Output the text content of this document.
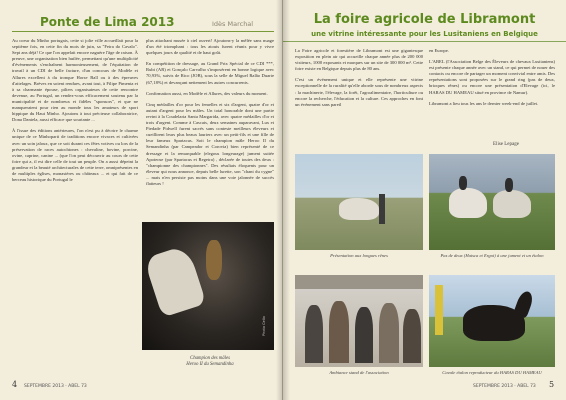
Ponte de Lima 2013	Idès Marchal

Au coeur du Minho portugais, cette si jolie ville accueillait pour la septième fois, en cette fin du mois de juin, sa "Feira do Cavalo". Sept ans déjà! Ce que l'on appelait encore naguère l'âge de raison. À preuve, une organisation bien huilée, permettant qu'une multiplicité d'évènements s'enchaînent harmonieusement, de l'équitation de travail à un CDI de belle facture, d'un concours de Modèle et Allures excellent à du tronque Horse Ball ou à des épreuves d'attelages. Brèves en soient rendues, avant tout, à Filipe Pimenta et à sa charmante épouse, piliers organisateurs de cette rencontre devenue, au Portugal, un rendez-vous efficacement soutenu par la municipalité et de nombreux et fidèles "sponsors", et que ne manqueraient pour rien au monde tous les amateurs de sport hippique du Haut Minho. Ajoutons à tout précieuse collaboratrice, Dona Daniela, aussi efficace que souriante ...

À l'issue des éditions antérieures, l'on n'est pu à décrire le charme unique de ce Minhoparti de traditions encore vivaces et cultivées avec un soin jaloux, que ce soit durant ces fêtes votives ou lors de la préservation de races autochtones : chevaline, bovine, porcine, ovine, caprine, canine ... (que l'on peut découvrir au cours de cette foire qui a, il est dire celle de tout un peuple. On a aussi dépeint la grandeur et la beauté architecturales de cette terre, omniprésentes en de multiples églises, monastères ou châteaux ... et qui fait de ce berceau historique du Portugal le

plus attachant musée à ciel ouvert! Ajoutons-y la mêlée sans nuage d'un été triomphant : tous les atouts furent réunis pour y vivre quelques jours de qualité et de haut goût.

En compétition de dressage, au Grand Prix Spécial de ce CDI ***, Rubi (AR) et Gonçalo Carvalho s'imposèrent en bonne logique avec 70,93%, suivis de Rico (JOB), sous la selle de Miguel Ralão Duarte (67,18%) et devançant nettement les autres concurrents.

Confirmation aussi, en Modèle et Allures, des valeurs du moment.

Cinq médailles d'or pour les femelles et six d'argent, quatre d'or et autant d'argent pour les mâles. Un total honorable dont une partie revint à la Coudelaria Santa Margarida, avec quatre médailles d'or et trois d'argent. Comme à Cascais, deux semaines auparavant, Lux et Piedade Pidwell furent sacrés sans conteste meilleurs éleveurs et cueillirent leurs plus beaux lauriers avec un petit-fils et une fille de leur fameux Spartacus. Soit le champion mâle Heroo II du Semandinha (par Campeador et Corovia) bien représenté de ce dressage et la remarquable (elegous longeurage) jument suitée Apoteose (par Spartacus et Regeira) , déclarée de toutes des deux : "championne des championnes". Des résultats éloquents pour un éleveur qui nous annonce, depuis belle lurette, son "chant du cygne" ... mais n'en persiste pas moins dans une voie jalonnée de succès flatteurs !

Photo Cello
Champion des mâles
Heroo II du Semandinha
4 SEPTEMBRE 2013 · ABEL 73
La foire agricole de Libramont
une vitrine intéressante pour les Lusitaniens en Belgique

La Foire agricole et forestière de Libramont est une gigantesque exposition en plein air qui accueille chaque année plus de 200 000 visiteurs, 1000 exposants et marques sur un site de 300 000 m². Cette foire existe en Belgique depuis plus de 80 ans.

C'est un événement unique et elle représente une vitrine exceptionnelle de la ruralité qu'elle aborde sous de nombreux aspects : la machinerie, l'élevage, la forêt, l'agroalimentaire, l'horticulture ou encore la recherche, l'éducation et la culture. Ces approches en font un événement sans pareil

en Europe.

L'ABEL (l'Association Belge des Éleveurs de chevaux Lusitaniens) est présente chaque année avec un stand, ce qui permet de nouer des contacts ou encore de partager un moment convivial entre amis. Des représentations sont proposées sur le grand ring (pas de deux, brioques rênes) ou encore une présentation d'Elevage (ici, le HARAS DU HAMEAU situé en province de Namur).

Libramont a lieu tous les ans le dernier week-end de juillet.

Elise Lepage
Présentation aux longues rênes	Pas de deux (Hatsca et Ergot) à une jument et un étalon
Ambiance stand de l'association	Cavale étalon reproducteur du HARAS DU HAMEAU
SEPTEMBRE 2013 · ABEL 73 5
